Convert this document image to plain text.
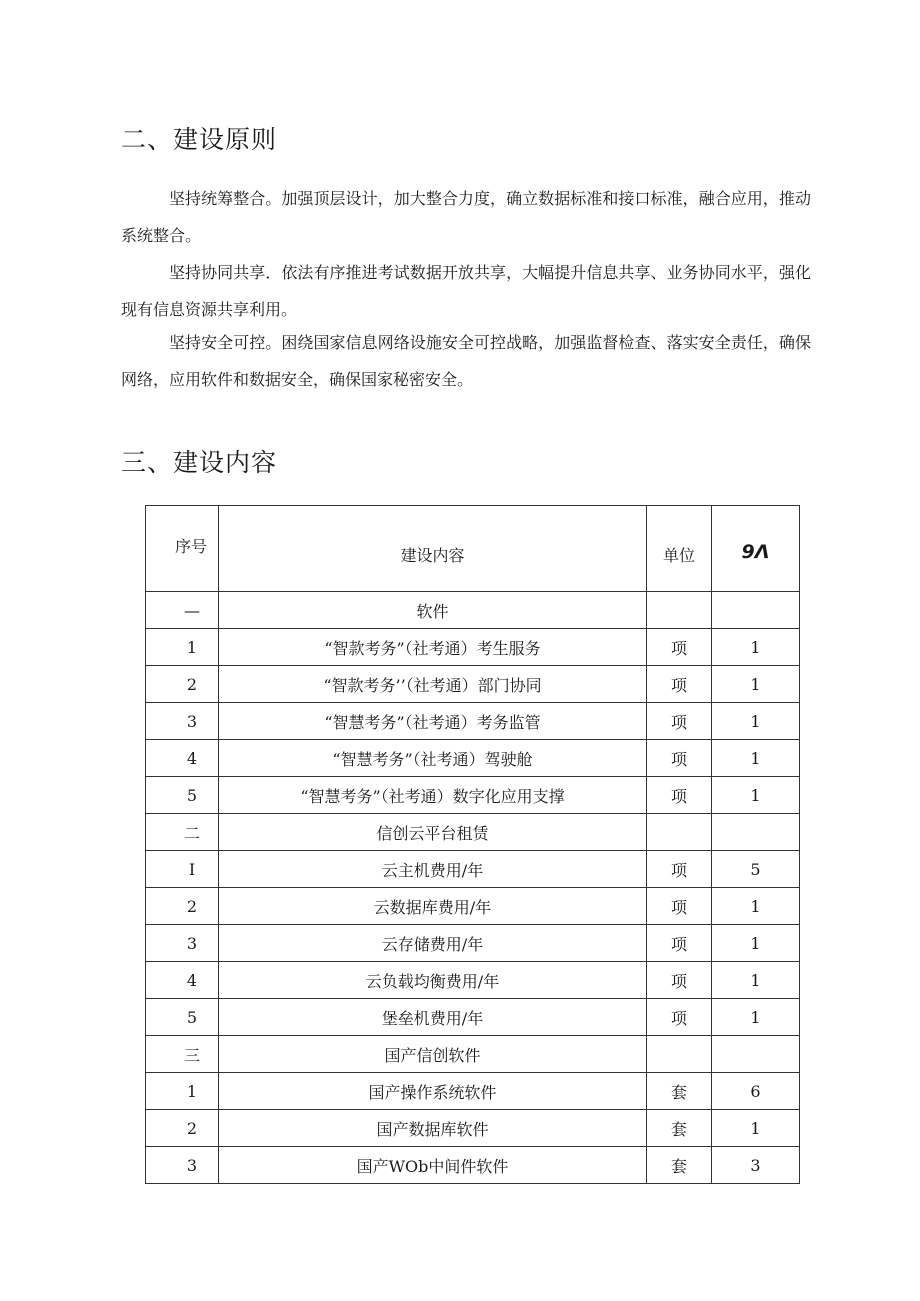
二、建设原则

坚持统筹整合。加强顶层设计，加大整合力度，确立数据标准和接口标准，融合应用，推动系统整合。

坚持协同共享．依法有序推进考试数据开放共享，大幅提升信息共享、业务协同水平，强化现有信息资源共享利用。

坚持安全可控。困绕国家信息网络设施安全可控战略，加强监督检查、落实安全责任，确保网络，应用软件和数据安全，确保国家秘密安全。

三、建设内容
序号	建设内容	单位	9Λ
—	软件		
1	“智款考务”（社考通）考生服务	项	1
2	“智款考务’’（社考通）部门协同	项	1
3	“智慧考务”（社考通）考务监管	项	1
4	“智慧考务”（社考通）驾驶舱	项	1
5	“智慧考务”（社考通）数字化应用支撑	项	1
二	信创云平台租赁		
I	云主机费用/年	项	5
2	云数据库费用/年	项	1
3	云存储费用/年	项	1
4	云负载均衡费用/年	项	1
5	堡垒机费用/年	项	1
三	国产信创软件		
1	国产操作系统软件	套	6
2	国产数据库软件	套	1
3	国产WOb中间件软件	套	3
